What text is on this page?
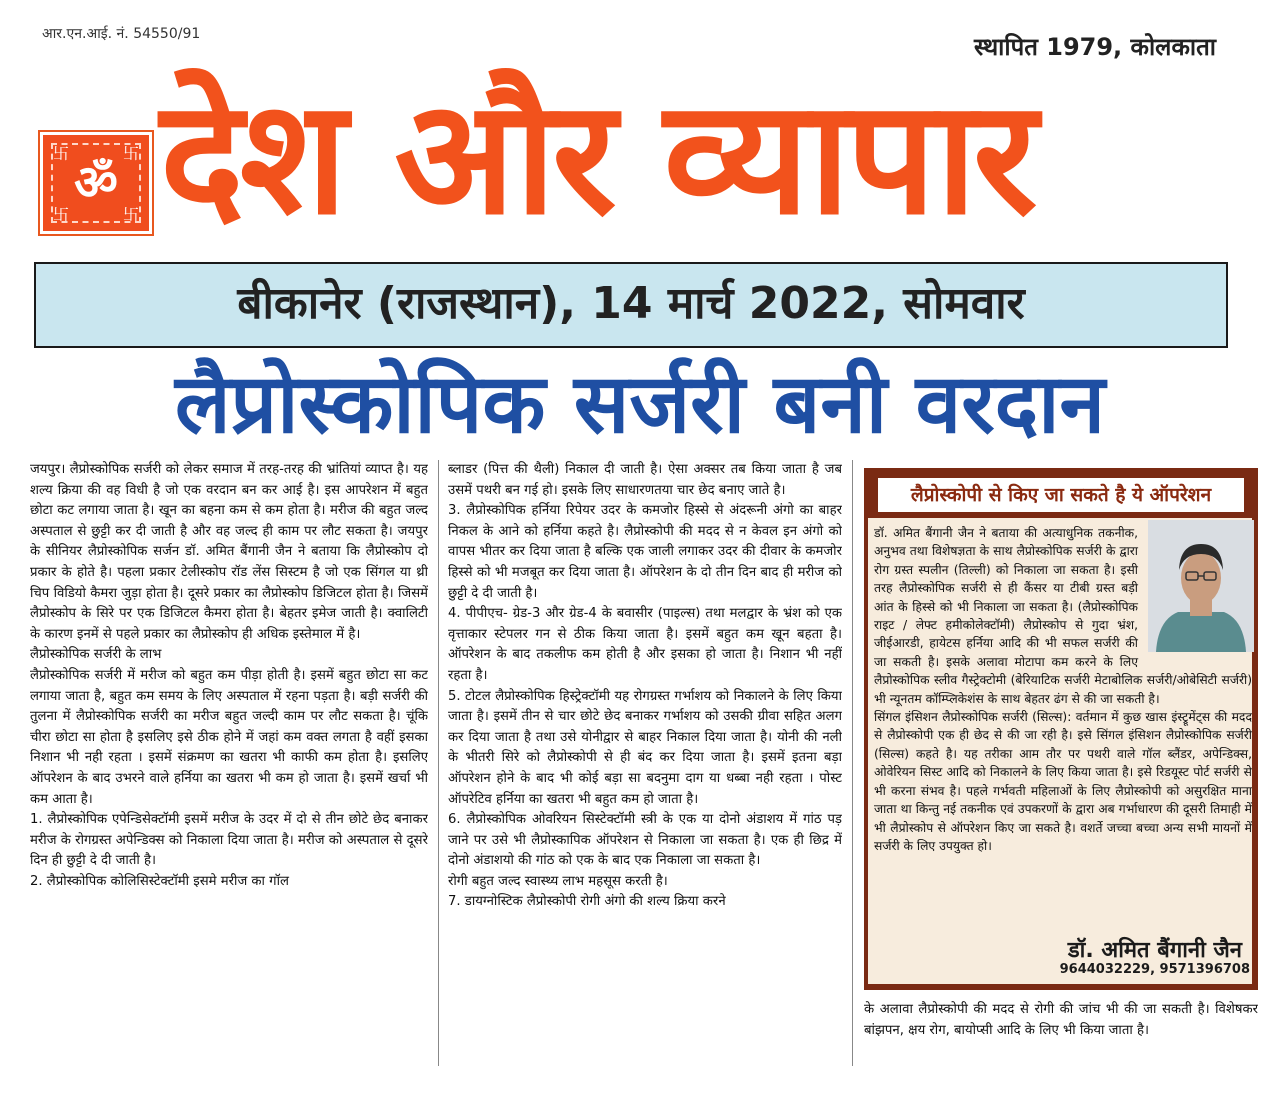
आर.एन.आई. नं. 54550/91	स्थापित 1979, कोलकाता
卐	卐
卐	卐
ॐ देश और व्यापार
बीकानेर (राजस्थान), 14 मार्च 2022, सोमवार
लैप्रोस्कोपिक सर्जरी बनी वरदान

जयपुर। लैप्रोस्कोपिक सर्जरी को लेकर समाज में तरह-तरह की भ्रांतियां व्याप्त है। यह शल्य क्रिया की वह विधी है जो एक वरदान बन कर आई है। इस आपरेशन में बहुत छोटा कट लगाया जाता है। खून का बहना कम से कम होता है। मरीज की बहुत जल्द अस्पताल से छुट्टी कर दी जाती है और वह जल्द ही काम पर लौट सकता है। जयपुर के सीनियर लैप्रोस्कोपिक सर्जन डॉ. अमित बैंगानी जैन ने बताया कि लैप्रोस्कोप दो प्रकार के होते है। पहला प्रकार टेलीस्कोप रॉड लेंस सिस्टम है जो एक सिंगल या थ्री चिप विडियो कैमरा जुड़ा होता है। दूसरे प्रकार का लैप्रोस्कोप डिजिटल होता है। जिसमें लैप्रोस्कोप के सिरे पर एक डिजिटल कैमरा होता है। बेहतर इमेज जाती है। क्वालिटी के कारण इनमें से पहले प्रकार का लैप्रोस्कोप ही अधिक इस्तेमाल में है।

लैप्रोस्कोपिक सर्जरी के लाभ

लैप्रोस्कोपिक सर्जरी में मरीज को बहुत कम पीड़ा होती है। इसमें बहुत छोटा सा कट लगाया जाता है, बहुत कम समय के लिए अस्पताल में रहना पड़ता है। बड़ी सर्जरी की तुलना में लैप्रोस्कोपिक सर्जरी का मरीज बहुत जल्दी काम पर लौट सकता है। चूंकि चीरा छोटा सा होता है इसलिए इसे ठीक होने में जहां कम वक्त लगता है वहीं इसका निशान भी नही रहता । इसमें संक्रमण का खतरा भी काफी कम होता है। इसलिए ऑपरेशन के बाद उभरने वाले हर्निया का खतरा भी कम हो जाता है। इसमें खर्चा भी कम आता है।

1. लैप्रोस्कोपिक एपेन्डिसेक्टॉमी इसमें मरीज के उदर में दो से तीन छोटे छेद बनाकर मरीज के रोगग्रस्त अपेन्डिक्स को निकाला दिया जाता है। मरीज को अस्पताल से दूसरे दिन ही छुट्टी दे दी जाती है।

2. लैप्रोस्कोपिक कोलिसिस्टेक्टॉमी इसमे मरीज का गॉल

ब्लाडर (पित्त की थैली) निकाल दी जाती है। ऐसा अक्सर तब किया जाता है जब उसमें पथरी बन गई हो। इसके लिए साधारणतया चार छेद बनाए जाते है।

3. लैप्रोस्कोपिक हर्निया रिपेयर उदर के कमजोर हिस्से से अंदरूनी अंगो का बाहर निकल के आने को हर्निया कहते है। लैप्रोस्कोपी की मदद से न केवल इन अंगो को वापस भीतर कर दिया जाता है बल्कि एक जाली लगाकर उदर की दीवार के कमजोर हिस्से को भी मजबूत कर दिया जाता है। ऑपरेशन के दो तीन दिन बाद ही मरीज को छुट्टी दे दी जाती है।

4. पीपीएच- ग्रेड-3 और ग्रेड-4 के बवासीर (पाइल्स) तथा मलद्वार के भ्रंश को एक वृत्ताकार स्टेपलर गन से ठीक किया जाता है। इसमें बहुत कम खून बहता है। ऑपरेशन के बाद तकलीफ कम होती है और इसका हो जाता है। निशान भी नहीं रहता है।

5. टोटल लैप्रोस्कोपिक हिस्ट्रेक्टॉमी यह रोगग्रस्त गर्भाशय को निकालने के लिए किया जाता है। इसमें तीन से चार छोटे छेद बनाकर गर्भाशय को उसकी ग्रीवा सहित अलग कर दिया जाता है तथा उसे योनीद्वार से बाहर निकाल दिया जाता है। योनी की नली के भीतरी सिरे को लैप्रोस्कोपी से ही बंद कर दिया जाता है। इसमें इतना बड़ा ऑपरेशन होने के बाद भी कोई बड़ा सा बदनुमा दाग या धब्बा नही रहता । पोस्ट ऑपरेटिव हर्निया का खतरा भी बहुत कम हो जाता है।

6. लैप्रोस्कोपिक ओवरियन सिस्टेक्टॉमी स्त्री के एक या दोनो अंडाशय में गांठ पड़ जाने पर उसे भी लैप्रोस्कापिक ऑपरेशन से निकाला जा सकता है। एक ही छिद्र में दोनो अंडाशयो की गांठ को एक के बाद एक निकाला जा सकता है।

रोगी बहुत जल्द स्वास्थ्य लाभ महसूस करती है।

7. डायग्नोस्टिक लैप्रोस्कोपी रोगी अंगो की शल्य क्रिया करने

लैप्रोस्कोपी से किए जा सकते है ये ऑपरेशन

डॉ. अमित बैंगानी जैन ने बताया की अत्याधुनिक तकनीक, अनुभव तथा विशेषज्ञता के साथ लैप्रोस्कोपिक सर्जरी के द्वारा रोग ग्रस्त स्पलीन (तिल्ली) को निकाला जा सकता है। इसी तरह लैप्रोस्कोपिक सर्जरी से ही कैंसर या टीबी ग्रस्त बड़ी आंत के हिस्से को भी निकाला जा सकता है। (लैप्रोस्कोपिक राइट / लेफ्ट हमीकोलेक्टॉमी) लैप्रोस्कोप से गुदा भ्रंश, जीईआरडी, हायेटस हर्निया आदि की भी सफल सर्जरी की जा सकती है। इसके अलावा मोटापा कम करने के लिए लैप्रोस्कोपिक स्लीव गैस्ट्रेक्टोमी (बेरियाटिक सर्जरी मेटाबोलिक सर्जरी/ओबेसिटी सर्जरी) भी न्यूनतम कॉम्प्लिकेशंस के साथ बेहतर ढंग से की जा सकती है।

सिंगल इंसिशन लैप्रोस्कोपिक सर्जरी (सिल्स): वर्तमान में कुछ खास इंस्ट्रूमेंट्स की मदद से लैप्रोस्कोपी एक ही छेद से की जा रही है। इसे सिंगल इंसिशन लैप्रोस्कोपिक सर्जरी (सिल्स) कहते है। यह तरीका आम तौर पर पथरी वाले गॉल ब्लैंडर, अपेन्डिक्स, ओवेरियन सिस्ट आदि को निकालने के लिए किया जाता है। इसे रिडयूस्ट पोर्ट सर्जरी से भी करना संभव है। पहले गर्भवती महिलाओं के लिए लैप्रोस्कोपी को असुरक्षित माना जाता था किन्तु नई तकनीक एवं उपकरणों के द्वारा अब गर्भाधारण की दूसरी तिमाही में भी लैप्रोस्कोप से ऑपरेशन किए जा सकते है। वशर्ते जच्चा बच्चा अन्य सभी मायनों में सर्जरी के लिए उपयुक्त हो।

डॉ. अमित बैंगानी जैन
9644032229, 9571396708

के अलावा लैप्रोस्कोपी की मदद से रोगी की जांच भी की जा सकती है। विशेषकर बांझपन, क्षय रोग, बायोप्सी आदि के लिए भी किया जाता है।
